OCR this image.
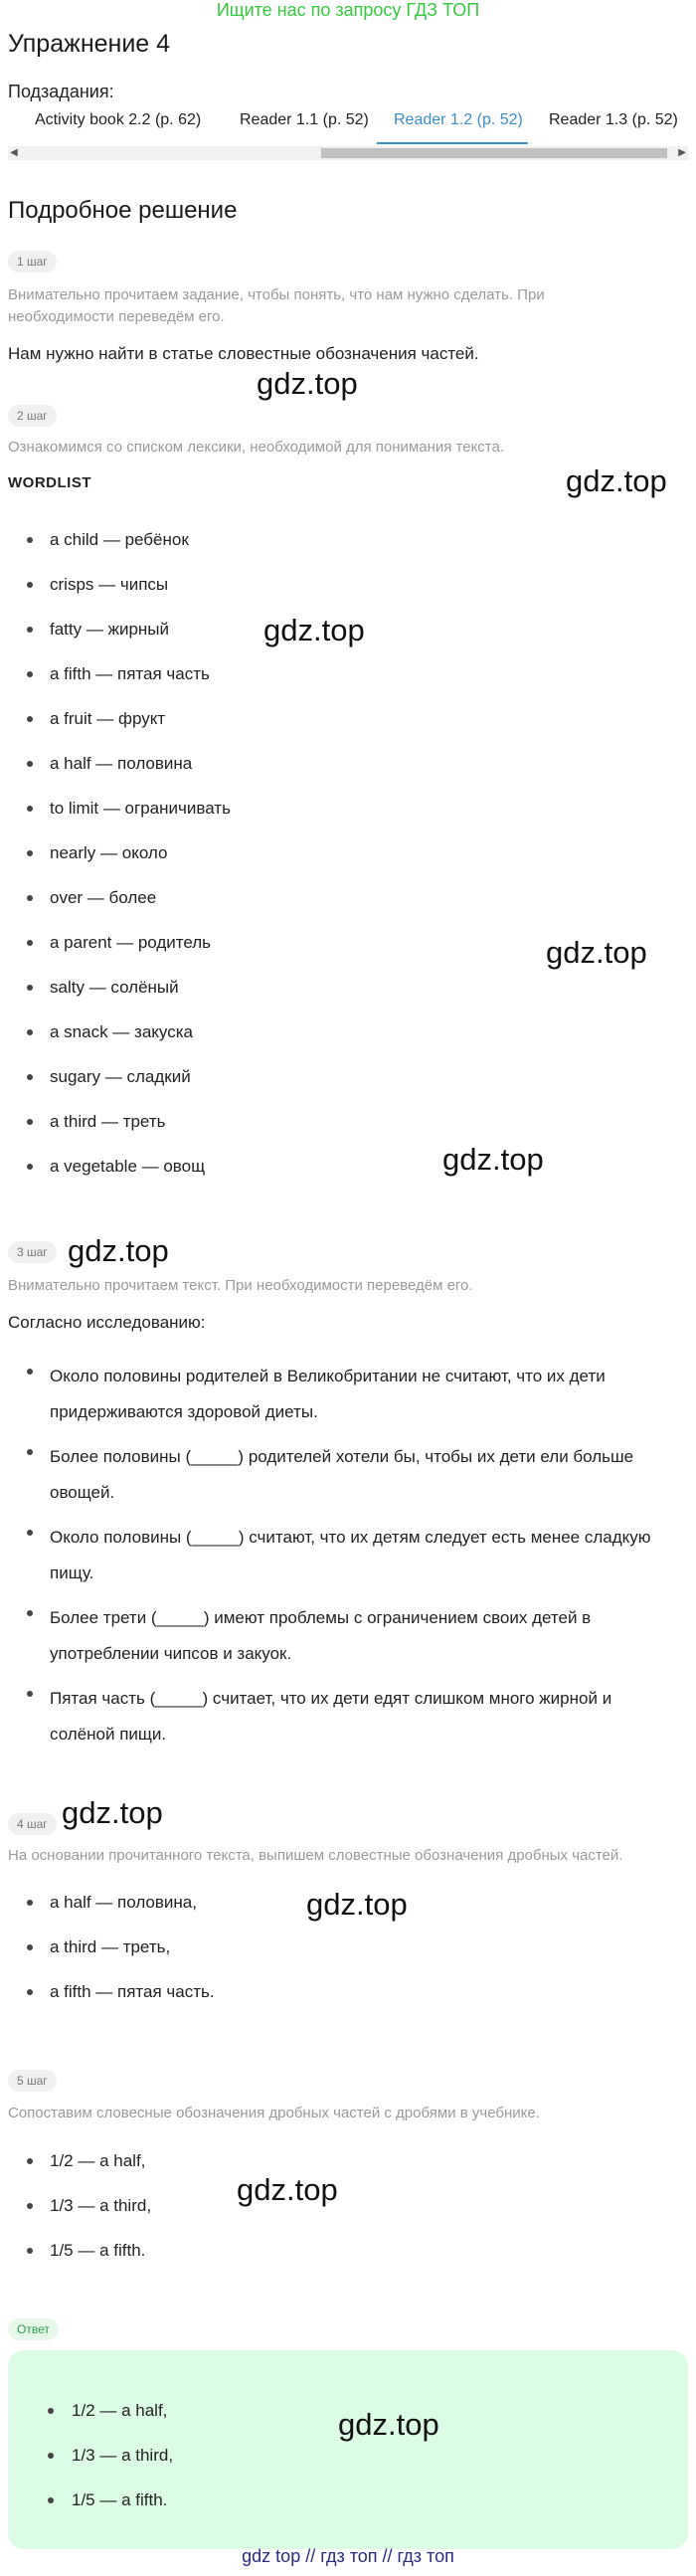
Ищите нас по запросу ГДЗ ТОП
Упражнение 4
Подзадания:
Activity book 2.2 (p. 62) Reader 1.1 (p. 52) Reader 1.2 (p. 52) Reader 1.3 (p. 52)
◀	▶
Подробное решение
1 шаг
Внимательно прочитаем задание, чтобы понять, что нам нужно сделать. При необходимости переведём его.
Нам нужно найти в статье словестные обозначения частей.
2 шаг
Ознакомимся со списком лексики, необходимой для понимания текста.
WORDLIST
a child — ребёнок
crisps — чипсы
fatty — жирный
a fifth — пятая часть
a fruit — фрукт
a half — половина
to limit — ограничивать
nearly — около
over — более
a parent — родитель
salty — солёный
a snack — закуска
sugary — сладкий
a third — треть
a vegetable — овощ
3 шаг
Внимательно прочитаем текст. При необходимости переведём его.
Согласно исследованию:
Около половины родителей в Великобритании не считают, что их дети придерживаются здоровой диеты.
Более половины (_____) родителей хотели бы, чтобы их дети ели больше овощей.
Около половины (_____) считают, что их детям следует есть менее сладкую пищу.
Более трети (_____) имеют проблемы с ограничением своих детей в употреблении чипсов и закуок.
Пятая часть (_____) считает, что их дети едят слишком много жирной и солёной пищи.
4 шаг
На основании прочитанного текста, выпишем словестные обозначения дробных частей.
a half — половина,
a third — треть,
a fifth — пятая часть.
5 шаг
Сопоставим словесные обозначения дробных частей с дробями в учебнике.
1/2 — a half,
1/3 — a third,
1/5 — a fifth.
Ответ
1/2 — a half,
1/3 — a third,
1/5 — a fifth.
gdz.top
gdz.top
gdz.top
gdz.top
gdz.top
gdz.top
gdz.top
gdz.top
gdz.top
gdz.top
gdz top // гдз топ // гдз топ
